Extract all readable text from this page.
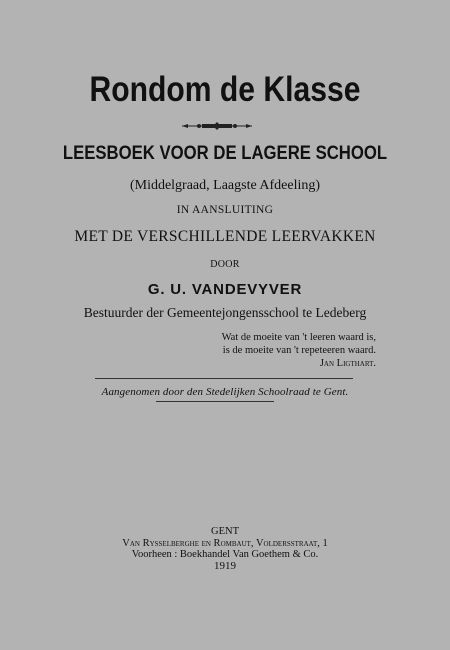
Rondom de Klasse
LEESBOEK VOOR DE LAGERE SCHOOL
(Middelgraad, Laagste Afdeeling)
IN AANSLUITING
MET DE VERSCHILLENDE LEERVAKKEN
DOOR
G. U. VANDEVYVER
Bestuurder der Gemeentejongensschool te Ledeberg
Wat de moeite van 't leeren waard is,
is de moeite van 't repeteeren waard.
Jan Ligthart.
Aangenomen door den Stedelijken Schoolraad te Gent.
GENT
Van Rysselberghe en Rombaut, Voldersstraat, 1
Voorheen : Boekhandel Van Goethem & Co.
1919
